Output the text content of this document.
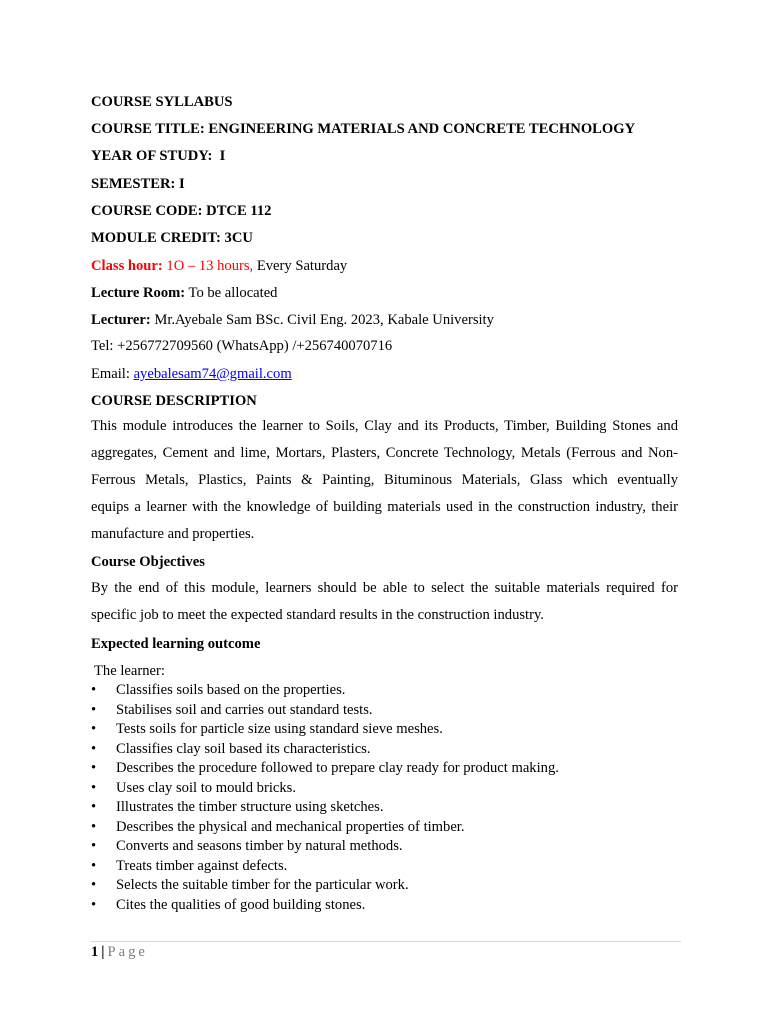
COURSE SYLLABUS
COURSE TITLE: ENGINEERING MATERIALS AND CONCRETE TECHNOLOGY
YEAR OF STUDY: I
SEMESTER: I
COURSE CODE: DTCE 112
MODULE CREDIT: 3CU
Class hour: 1O – 13 hours, Every Saturday
Lecture Room: To be allocated
Lecturer: Mr.Ayebale Sam BSc. Civil Eng. 2023, Kabale University
Tel: +256772709560 (WhatsApp) /+256740070716
Email: ayebalesam74@gmail.com
COURSE DESCRIPTION
This module introduces the learner to Soils, Clay and its Products, Timber, Building Stones and
aggregates, Cement and lime, Mortars, Plasters, Concrete Technology, Metals (Ferrous and Non-
Ferrous Metals, Plastics, Paints & Painting, Bituminous Materials, Glass which eventually
equips a learner with the knowledge of building materials used in the construction industry, their
manufacture and properties.
Course Objectives
By the end of this module, learners should be able to select the suitable materials required for
specific job to meet the expected standard results in the construction industry.
Expected learning outcome
The learner:
• Classifies soils based on the properties.
• Stabilises soil and carries out standard tests.
• Tests soils for particle size using standard sieve meshes.
• Classifies clay soil based its characteristics.
• Describes the procedure followed to prepare clay ready for product making.
• Uses clay soil to mould bricks.
• Illustrates the timber structure using sketches.
• Describes the physical and mechanical properties of timber.
• Converts and seasons timber by natural methods.
• Treats timber against defects.
• Selects the suitable timber for the particular work.
• Cites the qualities of good building stones.
1 | Page
